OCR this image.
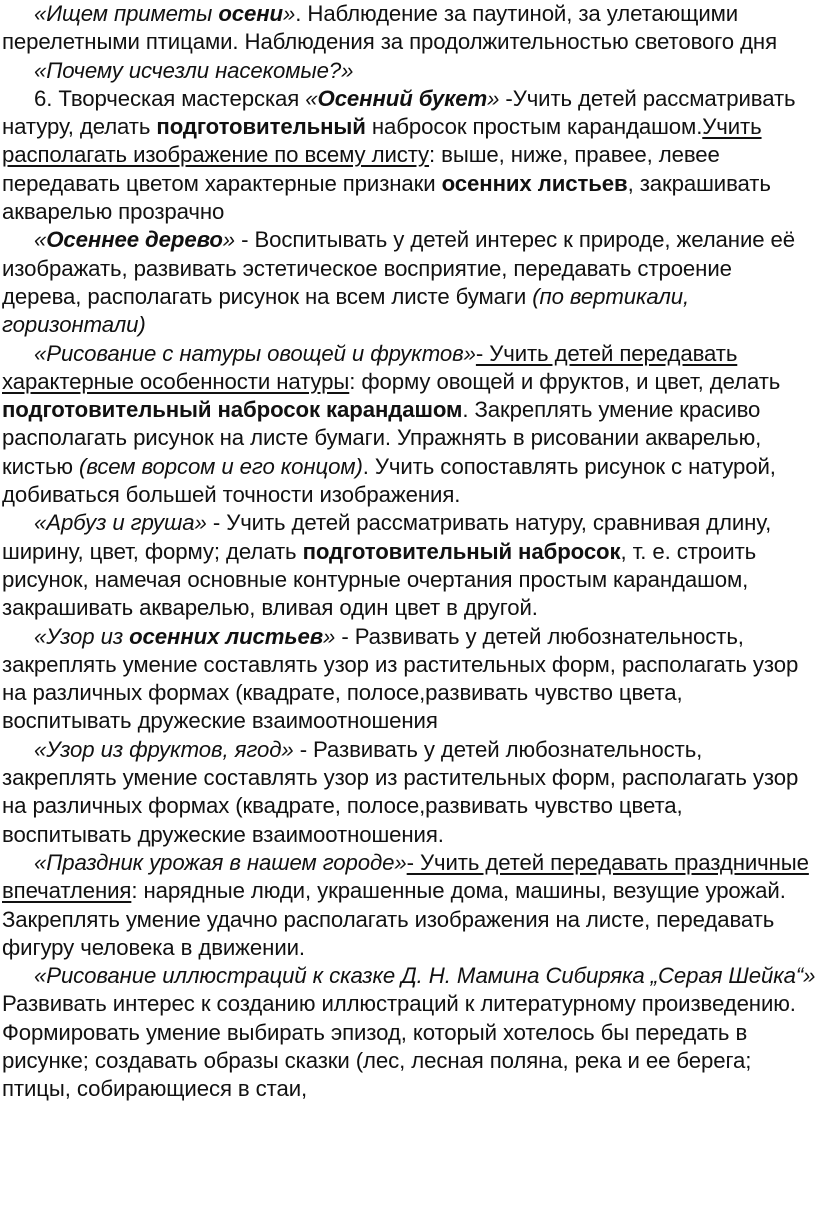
«Ищем приметы осени». Наблюдение за паутиной, за улетающими перелетными птицами. Наблюдения за продолжительностью светового дня

«Почему исчезли насекомые?»

6. Творческая мастерская «Осенний букет» -Учить детей рассматривать натуру, делать подготовительный набросок простым карандашом.Учить располагать изображение по всему листу: выше, ниже, правее, левее передавать цветом характерные признаки осенних листьев, закрашивать акварелью прозрачно

«Осеннее дерево» - Воспитывать у детей интерес к природе, желание её изображать, развивать эстетическое восприятие, передавать строение дерева, располагать рисунок на всем листе бумаги (по вертикали, горизонтали)

«Рисование с натуры овощей и фруктов»- Учить детей передавать характерные особенности натуры: форму овощей и фруктов, и цвет, делать подготовительный набросок карандашом. Закреплять умение красиво располагать рисунок на листе бумаги. Упражнять в рисовании акварелью, кистью (всем ворсом и его концом). Учить сопоставлять рисунок с натурой, добиваться большей точности изображения.

«Арбуз и груша» - Учить детей рассматривать натуру, сравнивая длину, ширину, цвет, форму; делать подготовительный набросок, т. е. строить рисунок, намечая основные контурные очертания простым карандашом, закрашивать акварелью, вливая один цвет в другой.

«Узор из осенних листьев» - Развивать у детей любознательность, закреплять умение составлять узор из растительных форм, располагать узор на различных формах (квадрате, полосе,развивать чувство цвета, воспитывать дружеские взаимоотношения

«Узор из фруктов, ягод» - Развивать у детей любознательность, закреплять умение составлять узор из растительных форм, располагать узор на различных формах (квадрате, полосе,развивать чувство цвета, воспитывать дружеские взаимоотношения.

«Праздник урожая в нашем городе»- Учить детей передавать праздничные впечатления: нарядные люди, украшенные дома, машины, везущие урожай. Закреплять умение удачно располагать изображения на листе, передавать фигуру человека в движении.

«Рисование иллюстраций к сказке Д. Н. Мамина Сибиряка „Серая Шейка“»

Развивать интерес к созданию иллюстраций к литературному произведению. Формировать умение выбирать эпизод, который хотелось бы передать в рисунке; создавать образы сказки (лес, лесная поляна, река и ее берега; птицы, собирающиеся в стаи,
